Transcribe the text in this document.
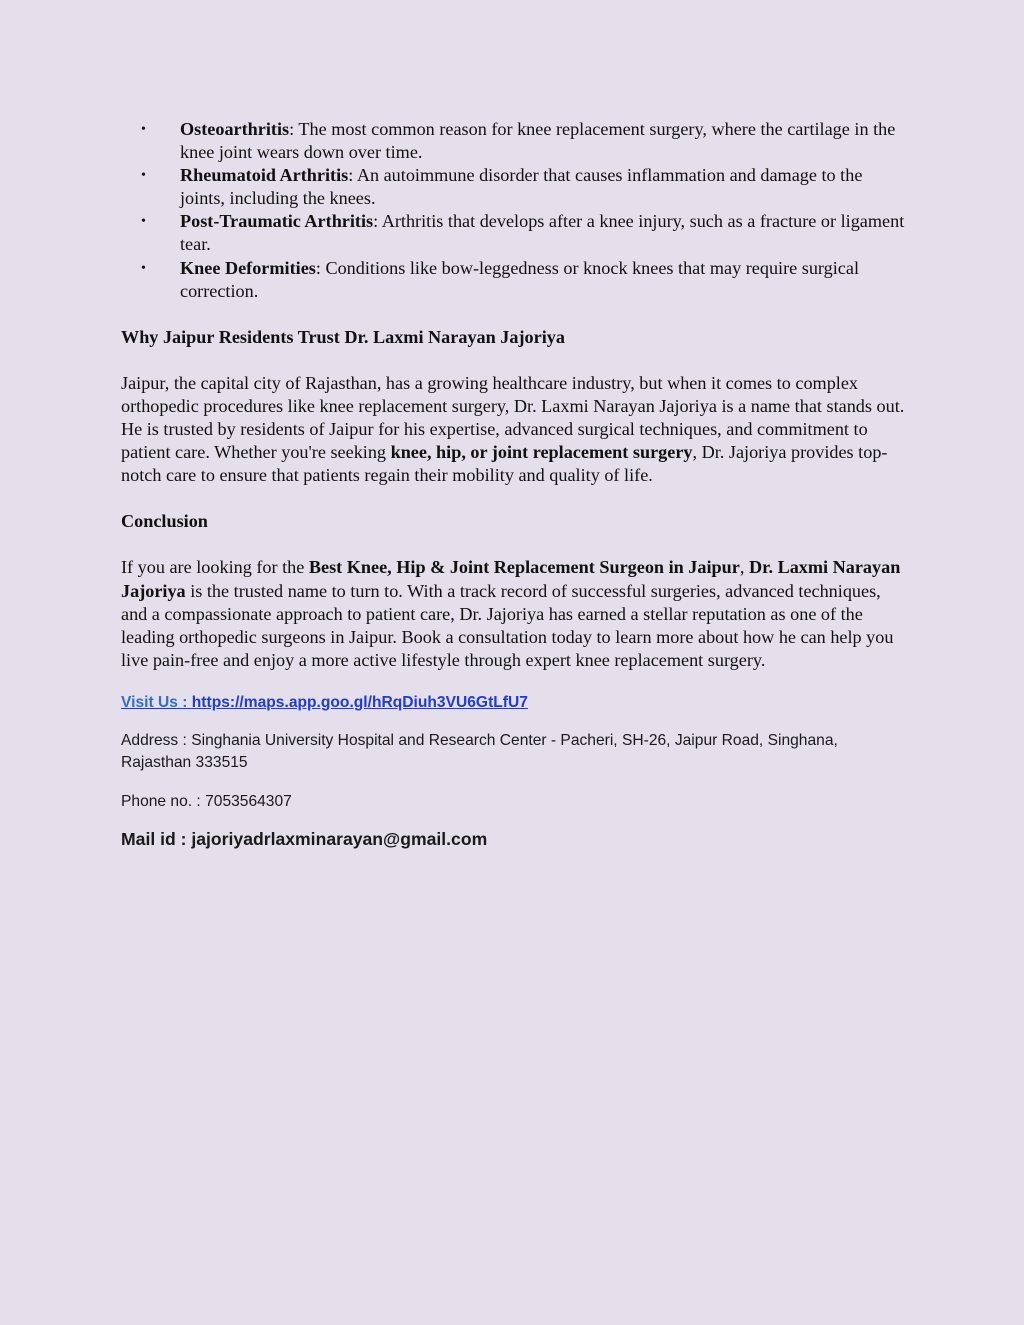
• Osteoarthritis: The most common reason for knee replacement surgery, where the cartilage in the knee joint wears down over time.
• Rheumatoid Arthritis: An autoimmune disorder that causes inflammation and damage to the joints, including the knees.
• Post-Traumatic Arthritis: Arthritis that develops after a knee injury, such as a fracture or ligament tear.
• Knee Deformities: Conditions like bow-leggedness or knock knees that may require surgical correction.

Why Jaipur Residents Trust Dr. Laxmi Narayan Jajoriya

Jaipur, the capital city of Rajasthan, has a growing healthcare industry, but when it comes to complex orthopedic procedures like knee replacement surgery, Dr. Laxmi Narayan Jajoriya is a name that stands out. He is trusted by residents of Jaipur for his expertise, advanced surgical techniques, and commitment to patient care. Whether you're seeking knee, hip, or joint replacement surgery, Dr. Jajoriya provides top-notch care to ensure that patients regain their mobility and quality of life.

Conclusion

If you are looking for the Best Knee, Hip & Joint Replacement Surgeon in Jaipur, Dr. Laxmi Narayan Jajoriya is the trusted name to turn to. With a track record of successful surgeries, advanced techniques, and a compassionate approach to patient care, Dr. Jajoriya has earned a stellar reputation as one of the leading orthopedic surgeons in Jaipur. Book a consultation today to learn more about how he can help you live pain-free and enjoy a more active lifestyle through expert knee replacement surgery.

Visit Us : https://maps.app.goo.gl/hRqDiuh3VU6GtLfU7

Address : Singhania University Hospital and Research Center - Pacheri, SH-26, Jaipur Road, Singhana, Rajasthan 333515

Phone no. : 7053564307

Mail id : jajoriyadrlaxminarayan@gmail.com
